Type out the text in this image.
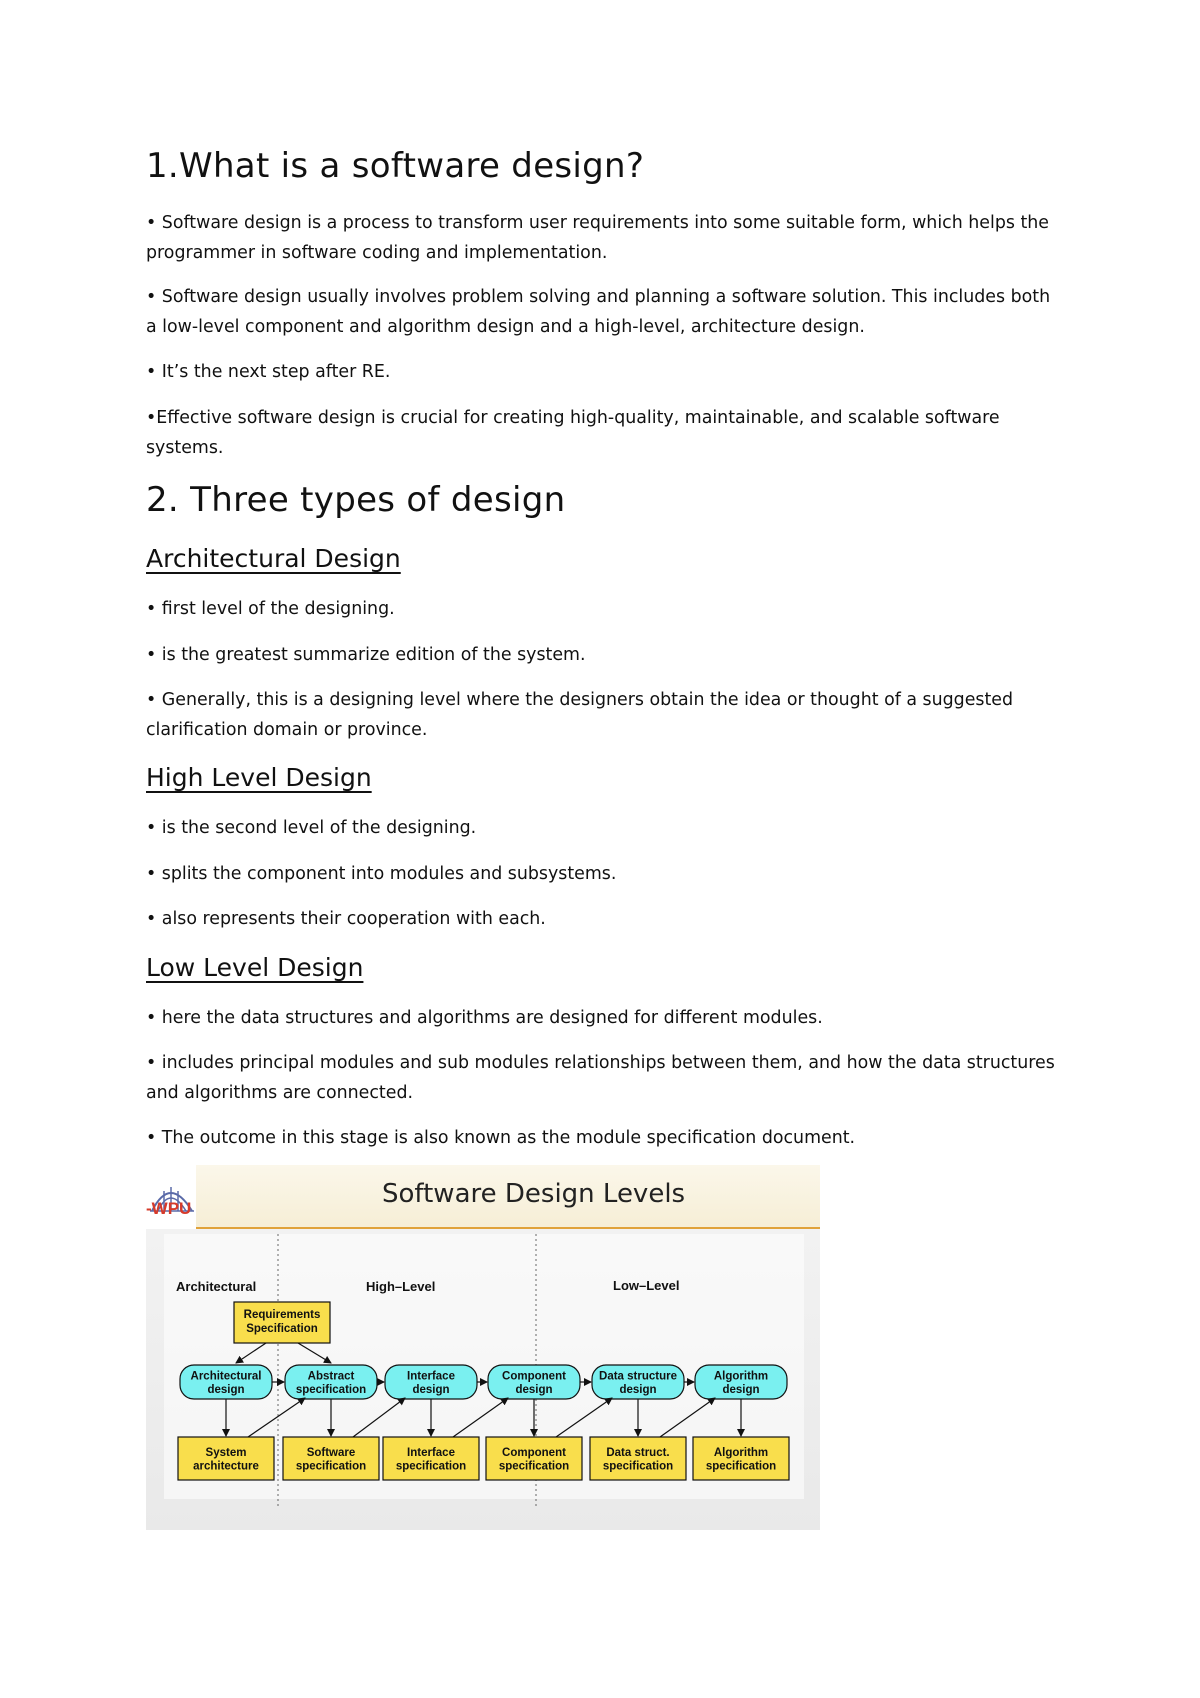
1.What is a software design?

• Software design is a process to transform user requirements into some suitable form, which helps the programmer in software coding and implementation.

• Software design usually involves problem solving and planning a software solution. This includes both a low-level component and algorithm design and a high-level, architecture design.

• It’s the next step after RE.

•Effective software design is crucial for creating high-quality, maintainable, and scalable software systems.

2. Three types of design
Architectural Design

• first level of the designing.

• is the greatest summarize edition of the system.

• Generally, this is a designing level where the designers obtain the idea or thought of a suggested clarification domain or province.

High Level Design

• is the second level of the designing.

• splits the component into modules and subsystems.

• also represents their cooperation with each.

Low Level Design

• here the data structures and algorithms are designed for different modules.

• includes principal modules and sub modules relationships between them, and how the data structures and algorithms are connected.

• The outcome in this stage is also known as the module specification document.

-WPU	Software Design Levels
Architectural	High–Level	Low–Level
Requirements
Specification
Architectural design
Abstract specification
Interface design
Component design
Data structure design
Algorithm design
System architecture
Software specification
Interface specification
Component specification
Data struct. specification
Algorithm specification
